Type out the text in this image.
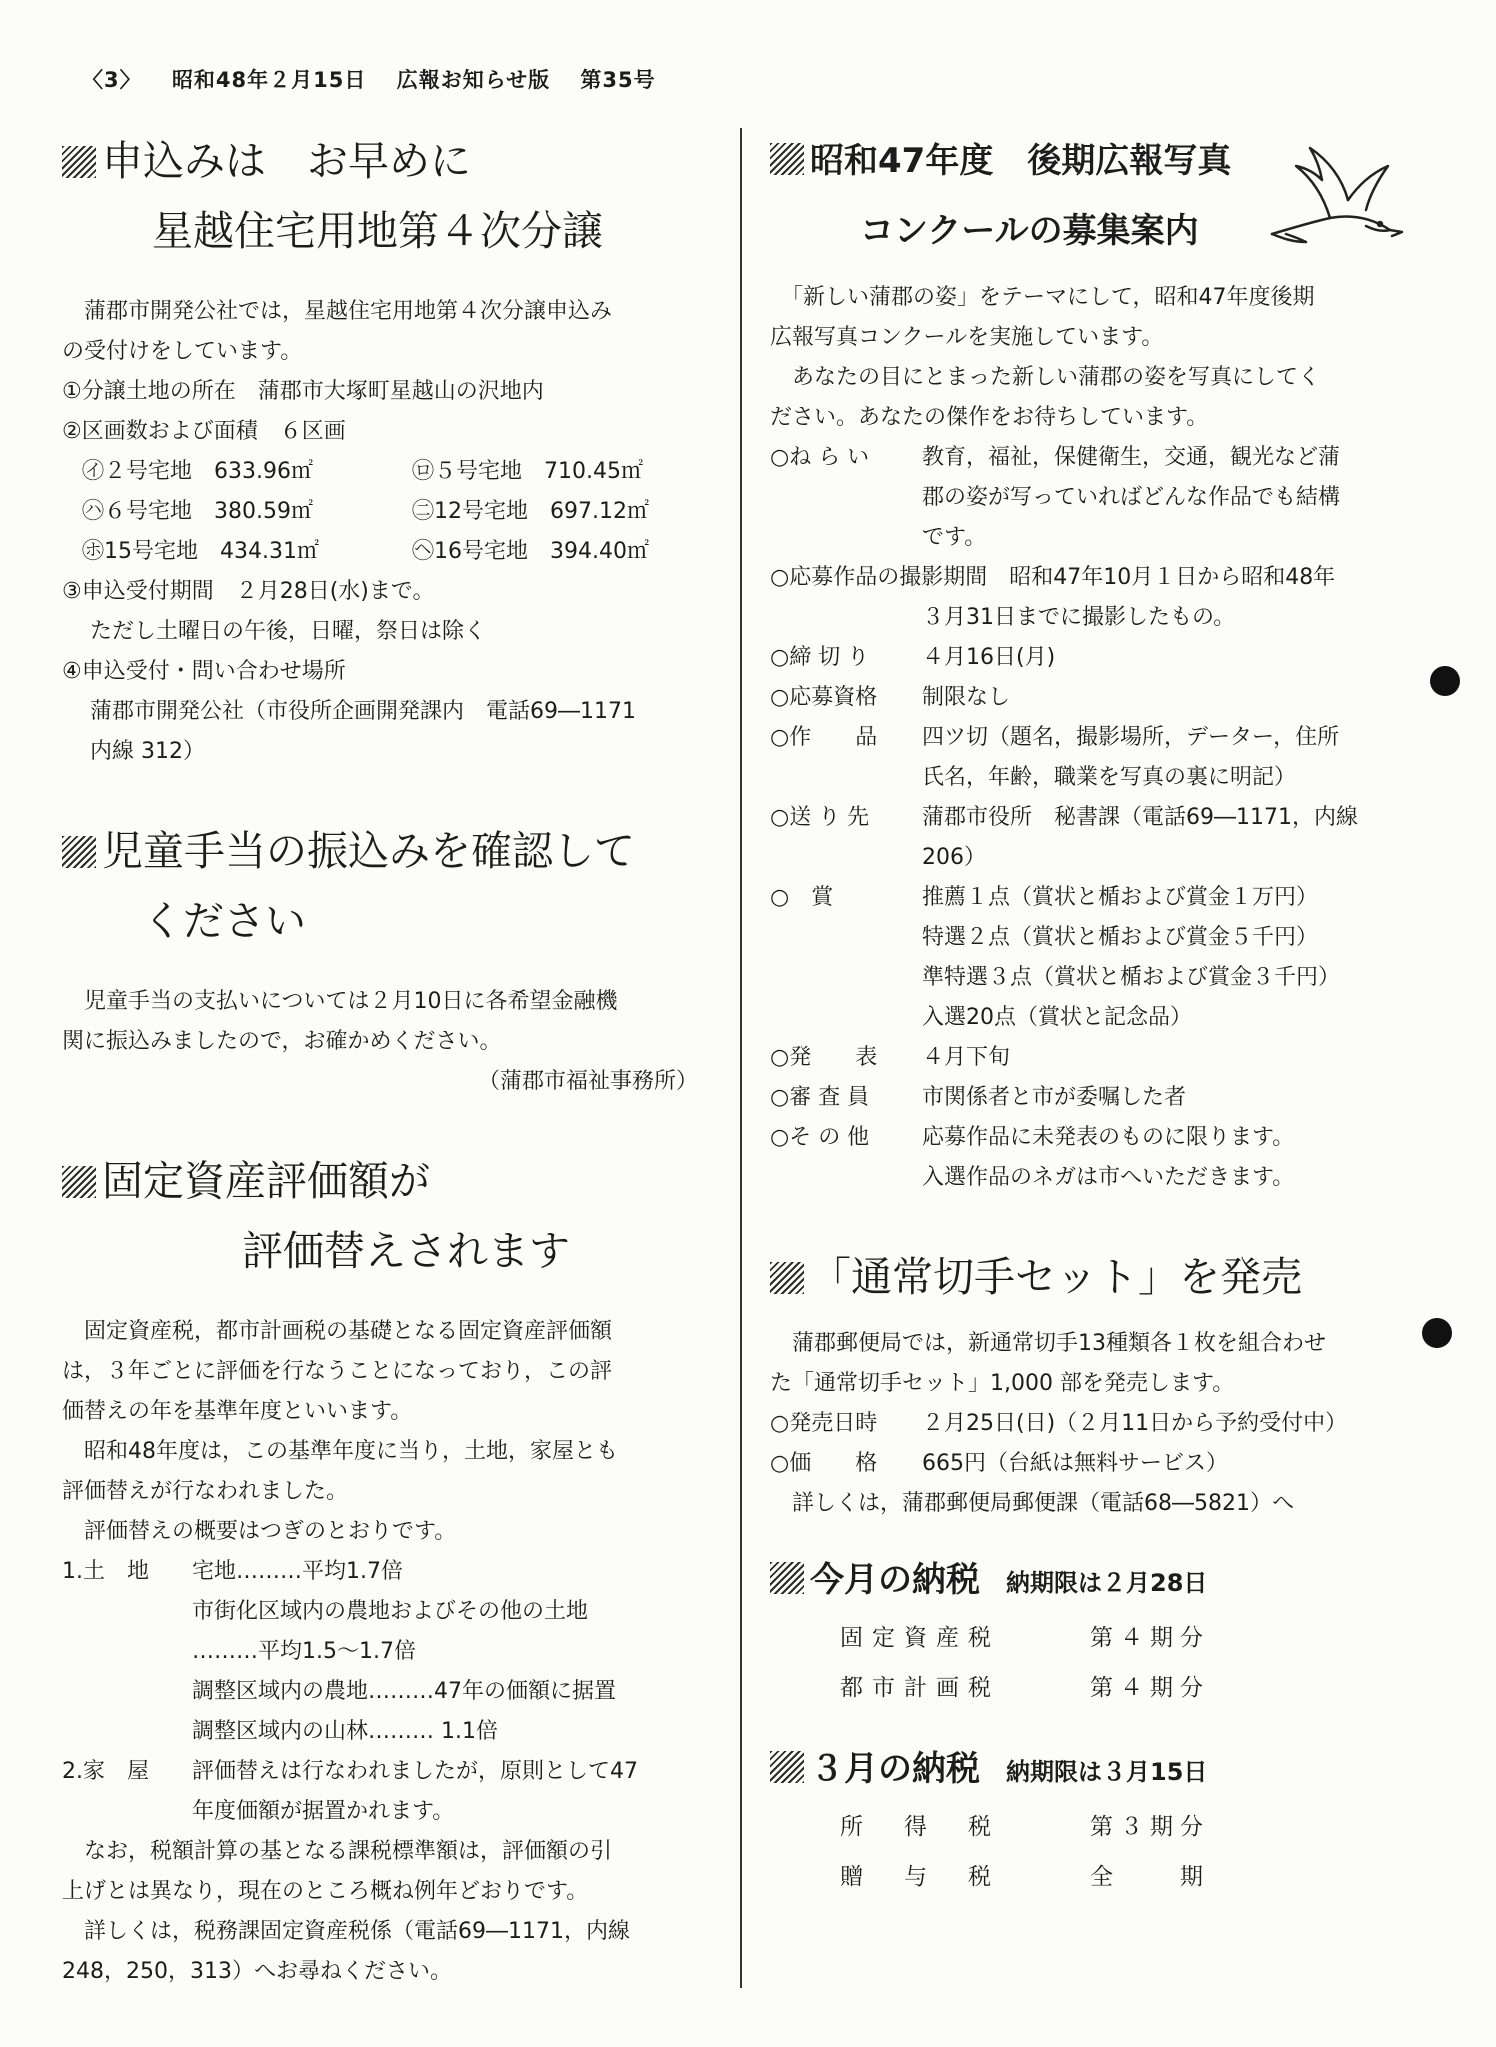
〈3〉 昭和48年２月15日 広報お知らせ版 第35号
申込みは　お早めに
星越住宅用地第４次分譲
　蒲郡市開発公社では，星越住宅用地第４次分譲申込み
の受付けをしています。
①分譲土地の所在　蒲郡市大塚町星越山の沢地内
②区画数および面積　６区画
㋑２号宅地　633.96㎡	㋺５号宅地　710.45㎡
㋩６号宅地　380.59㎡	㊁12号宅地　697.12㎡
㋭15号宅地　434.31㎡	㋬16号宅地　394.40㎡
③申込受付期間　２月28日(水)まで。
ただし土曜日の午後，日曜，祭日は除く
④申込受付・問い合わせ場所
蒲郡市開発公社（市役所企画開発課内　電話69―1171
内線 312）
児童手当の振込みを確認して
ください
　児童手当の支払いについては２月10日に各希望金融機
関に振込みましたので，お確かめください。
（蒲郡市福祉事務所）
固定資産評価額が
評価替えされます
　固定資産税，都市計画税の基礎となる固定資産評価額
は，３年ごとに評価を行なうことになっており，この評
価替えの年を基準年度といいます。
　昭和48年度は，この基準年度に当り，土地，家屋とも
評価替えが行なわれました。
　評価替えの概要はつぎのとおりです。
1.土　地	宅地………平均1.7倍
市街化区域内の農地およびその他の土地
………平均1.5～1.7倍
調整区域内の農地………47年の価額に据置
調整区域内の山林……… 1.1倍
2.家　屋	評価替えは行なわれましたが，原則として47
年度価額が据置かれます。
　なお，税額計算の基となる課税標準額は，評価額の引
上げとは異なり，現在のところ概ね例年どおりです。
　詳しくは，税務課固定資産税係（電話69―1171，内線
248，250，313）へお尋ねください。
昭和47年度　後期広報写真
コンクールの募集案内
　「新しい蒲郡の姿」をテーマにして，昭和47年度後期
広報写真コンクールを実施しています。
　あなたの目にとまった新しい蒲郡の姿を写真にしてく
ださい。あなたの傑作をお待ちしています。
○ね ら い	教育，福祉，保健衛生，交通，観光など蒲
郡の姿が写っていればどんな作品でも結構
です。
○応募作品の撮影期間 昭和47年10月１日から昭和48年
３月31日までに撮影したもの。
○締 切 り	４月16日(月)
○応募資格	制限なし
○作　　品	四ツ切（題名，撮影場所，データー，住所
氏名，年齢，職業を写真の裏に明記）
○送 り 先	蒲郡市役所　秘書課（電話69―1171，内線
206）
○　賞	推薦１点（賞状と楯および賞金１万円）
特選２点（賞状と楯および賞金５千円）
準特選３点（賞状と楯および賞金３千円）
入選20点（賞状と記念品）
○発　　表	４月下旬
○審 査 員	市関係者と市が委嘱した者
○そ の 他	応募作品に未発表のものに限ります。
入選作品のネガは市へいただきます。
「通常切手セット」を発売
　蒲郡郵便局では，新通常切手13種類各１枚を組合わせ
た「通常切手セット」1,000 部を発売します。
○発売日時	２月25日(日)（２月11日から予約受付中）
○価　　格	665円（台紙は無料サービス）
　詳しくは，蒲郡郵便局郵便課（電話68―5821）へ
今月の納税 納期限は２月28日
固定資産税	第４期分
都市計画税	第４期分
３月の納税 納期限は３月15日
所　得　税	第３期分
贈　与　税	全　　期
